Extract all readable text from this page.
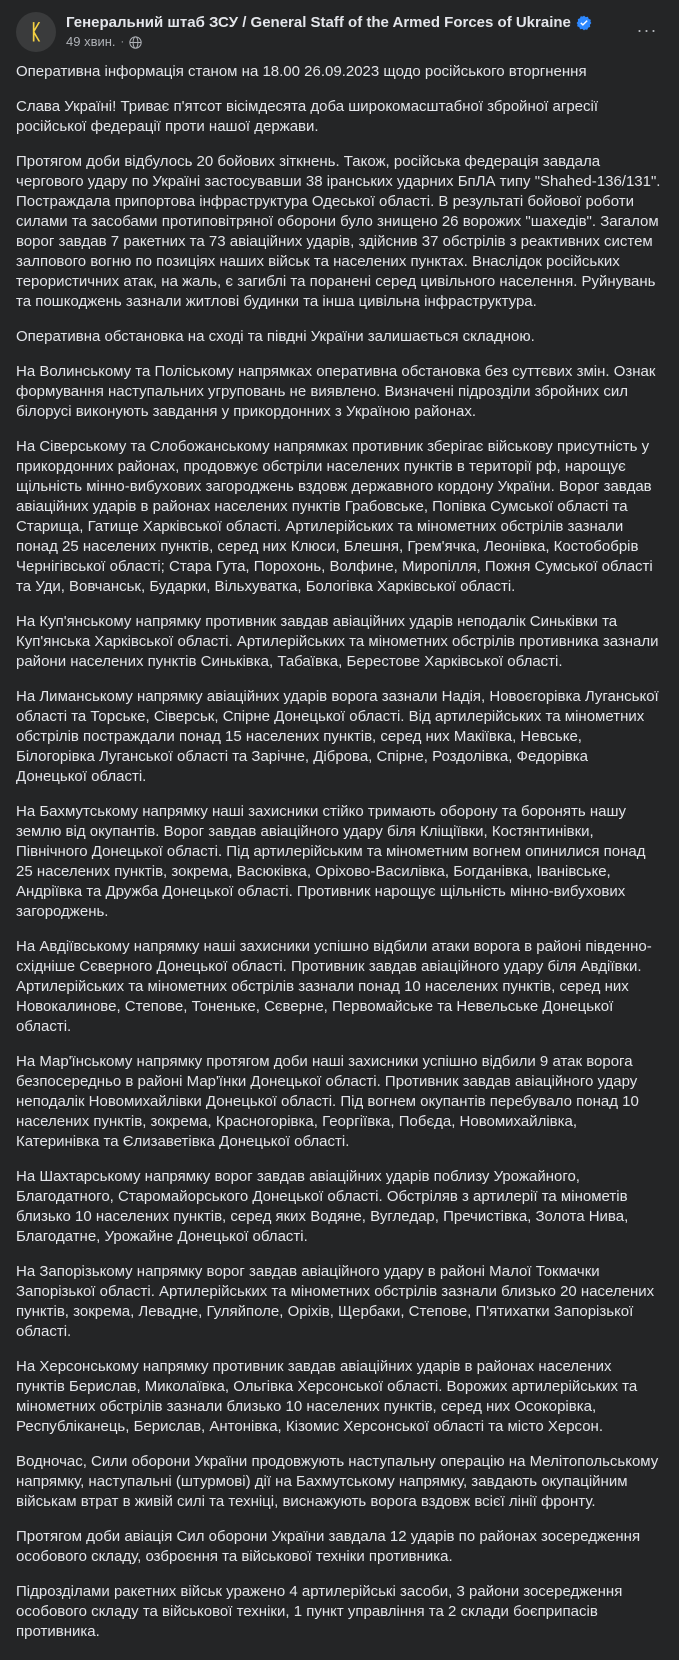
ᛕ Генеральний штаб ЗСУ / General Staff of the Armed Forces of Ukraine
49 хвин. ·
···

Оперативна інформація станом на 18.00 26.09.2023 щодо російського вторгнення

Слава Україні! Триває п'ятсот вісімдесята доба широкомасштабної збройної агресії російської федерації проти нашої держави.

Протягом доби відбулось 20 бойових зіткнень. Також, російська федерація завдала чергового удару по Україні застосувавши 38 іранських ударних БпЛА типу "Shahed-136/131". Постраждала припортова інфраструктура Одеської області. В результаті бойової роботи силами та засобами протиповітряної оборони було знищено 26 ворожих "шахедів". Загалом ворог завдав 7 ракетних та 73 авіаційних ударів, здійснив 37 обстрілів з реактивних систем залпового вогню по позиціях наших військ та населених пунктах. Внаслідок російських терористичних атак, на жаль, є загиблі та поранені серед цивільного населення. Руйнувань та пошкоджень зазнали житлові будинки та інша цивільна інфраструктура.

Оперативна обстановка на сході та півдні України залишається складною.

На Волинському та Поліському напрямках оперативна обстановка без суттєвих змін. Ознак формування наступальних угруповань не виявлено. Визначені підрозділи збройних сил білорусі виконують завдання у прикордонних з Україною районах.

На Сіверському та Слобожанському напрямках противник зберігає військову присутність у прикордонних районах, продовжує обстріли населених пунктів в території рф, нарощує щільність мінно-вибухових загороджень вздовж державного кордону України. Ворог завдав авіаційних ударів в районах населених пунктів Грабовське, Попівка Сумської області та Старища, Гатище Харківської області. Артилерійських та мінометних обстрілів зазнали понад 25 населених пунктів, серед них Клюси, Блешня, Грем'ячка, Леонівка, Костобобрів Чернігівської області; Стара Гута, Порохонь, Волфине, Миропілля, Пожня Сумської області та Уди, Вовчанськ, Бударки, Вільхуватка, Бологівка Харківської області.

На Куп'янському напрямку противник завдав авіаційних ударів неподалік Синьківки та Куп'янська Харківської області. Артилерійських та мінометних обстрілів противника зазнали райони населених пунктів Синьківка, Табаївка, Берестове Харківської області.

На Лиманському напрямку авіаційних ударів ворога зазнали Надія, Новоєгорівка Луганської області та Торське, Сіверськ, Спірне Донецької області. Від артилерійських та мінометних обстрілів постраждали понад 15 населених пунктів, серед них Макіївка, Невське, Білогорівка Луганської області та Зарічне, Діброва, Спірне, Роздолівка, Федорівка Донецької області.

На Бахмутському напрямку наші захисники стійко тримають оборону та боронять нашу землю від окупантів. Ворог завдав авіаційного удару біля Кліщіївки, Костянтинівки, Північного Донецької області. Під артилерійським та мінометним вогнем опинилися понад 25 населених пунктів, зокрема, Васюківка, Оріхово-Василівка, Богданівка, Іванівське, Андріївка та Дружба Донецької області. Противник нарощує щільність мінно-вибухових загороджень.

На Авдіївському напрямку наші захисники успішно відбили атаки ворога в районі південно-східніше Сєверного Донецької області. Противник завдав авіаційного удару біля Авдіївки. Артилерійських та мінометних обстрілів зазнали понад 10 населених пунктів, серед них Новокалинове, Степове, Тоненьке, Сєверне, Первомайське та Невельське Донецької області.

На Мар'їнському напрямку протягом доби наші захисники успішно відбили 9 атак ворога безпосередньо в районі Мар'їнки Донецької області. Противник завдав авіаційного удару неподалік Новомихайлівки Донецької області. Під вогнем окупантів перебувало понад 10 населених пунктів, зокрема, Красногорівка, Георгіївка, Побєда, Новомихайлівка, Катеринівка та Єлизаветівка Донецької області.

На Шахтарському напрямку ворог завдав авіаційних ударів поблизу Урожайного, Благодатного, Старомайорського Донецької області. Обстріляв з артилерії та мінометів близько 10 населених пунктів, серед яких Водяне, Вугледар, Пречистівка, Золота Нива, Благодатне, Урожайне Донецької області.

На Запорізькому напрямку ворог завдав авіаційного удару в районі Малої Токмачки Запорізької області. Артилерійських та мінометних обстрілів зазнали близько 20 населених пунктів, зокрема, Левадне, Гуляйполе, Оріхів, Щербаки, Степове, П'ятихатки Запорізької області.

На Херсонському напрямку противник завдав авіаційних ударів в районах населених пунктів Берислав, Миколаївка, Ольгівка Херсонської області. Ворожих артилерійських та мінометних обстрілів зазнали близько 10 населених пунктів, серед них Осокорівка, Республіканець, Берислав, Антонівка, Кізомис Херсонської області та місто Херсон.

Водночас, Сили оборони України продовжують наступальну операцію на Мелітопольському напрямку, наступальні (штурмові) дії на Бахмутському напрямку, завдають окупаційним військам втрат в живій силі та техніці, виснажують ворога вздовж всієї лінії фронту.

Протягом доби авіація Сил оборони України завдала 12 ударів по районах зосередження особового складу, озброєння та військової техніки противника.

Підрозділами ракетних військ уражено 4 артилерійські засоби, 3 райони зосередження особового складу та військової техніки, 1 пункт управління та 2 склади боєприпасів противника.
